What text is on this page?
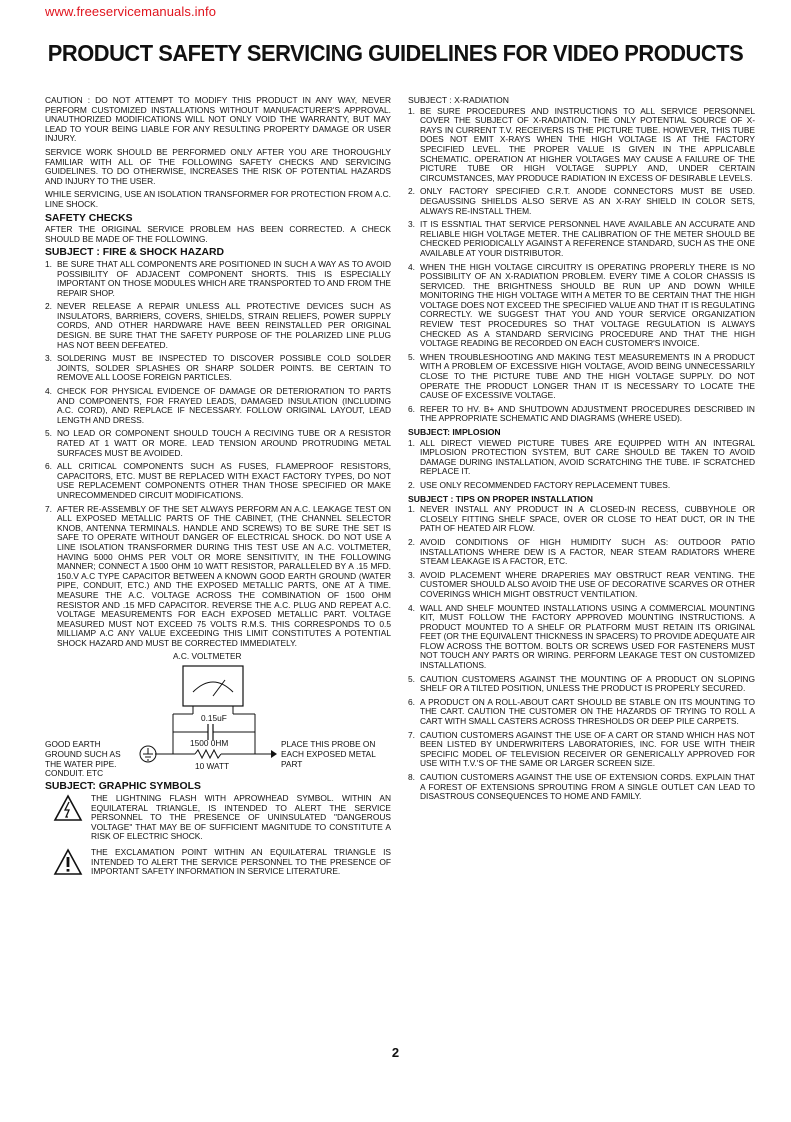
www.freeservicemanuals.info
PRODUCT SAFETY SERVICING GUIDELINES FOR VIDEO PRODUCTS

CAUTION : DO NOT ATTEMPT TO MODIFY THIS PRODUCT IN ANY WAY, NEVER PERFORM CUSTOMIZED INSTALLATIONS WITHOUT MANUFACTURER'S APPROVAL. UNAUTHORIZED MODIFICATIONS WILL NOT ONLY VOID THE WARRANTY, BUT MAY LEAD TO YOUR BEING LIABLE FOR ANY RESULTING PROPERTY DAMAGE OR USER INJURY.

SERVICE WORK SHOULD BE PERFORMED ONLY AFTER YOU ARE THOROUGHLY FAMILIAR WITH ALL OF THE FOLLOWING SAFETY CHECKS AND SERVICING GUIDELINES. TO DO OTHERWISE, INCREASES THE RISK OF POTENTIAL HAZARDS AND INJURY TO THE USER.

WHILE SERVICING, USE AN ISOLATION TRANSFORMER FOR PROTECTION FROM A.C. LINE SHOCK.

SAFETY CHECKS

AFTER THE ORIGINAL SERVICE PROBLEM HAS BEEN CORRECTED. A CHECK SHOULD BE MADE OF THE FOLLOWING.

SUBJECT : FIRE & SHOCK HAZARD
1. BE SURE THAT ALL COMPONENTS ARE POSITIONED IN SUCH A WAY AS TO AVOID POSSIBILITY OF ADJACENT COMPONENT SHORTS. THIS IS ESPECIALLY IMPORTANT ON THOSE MODULES WHICH ARE TRANSPORTED TO AND FROM THE REPAIR SHOP.
2. NEVER RELEASE A REPAIR UNLESS ALL PROTECTIVE DEVICES SUCH AS INSULATORS, BARRIERS, COVERS, SHIELDS, STRAIN RELIEFS, POWER SUPPLY CORDS, AND OTHER HARDWARE HAVE BEEN REINSTALLED PER ORIGINAL DESIGN. BE SURE THAT THE SAFETY PURPOSE OF THE POLARIZED LINE PLUG HAS NOT BEEN DEFEATED.
3. SOLDERING MUST BE INSPECTED TO DISCOVER POSSIBLE COLD SOLDER JOINTS, SOLDER SPLASHES OR SHARP SOLDER POINTS. BE CERTAIN TO REMOVE ALL LOOSE FOREIGN PARTICLES.
4. CHECK FOR PHYSICAL EVIDENCE OF DAMAGE OR DETERIORATION TO PARTS AND COMPONENTS, FOR FRAYED LEADS, DAMAGED INSULATION (INCLUDING A.C. CORD), AND REPLACE IF NECESSARY. FOLLOW ORIGINAL LAYOUT, LEAD LENGTH AND DRESS.
5. NO LEAD OR COMPONENT SHOULD TOUCH A RECIVING TUBE OR A RESISTOR RATED AT 1 WATT OR MORE. LEAD TENSION AROUND PROTRUDING METAL SURFACES MUST BE AVOIDED.
6. ALL CRITICAL COMPONENTS SUCH AS FUSES, FLAMEPROOF RESISTORS, CAPACITORS, ETC. MUST BE REPLACED WITH EXACT FACTORY TYPES, DO NOT USE REPLACEMENT COMPONENTS OTHER THAN THOSE SPECIFIED OR MAKE UNRECOMMENDED CIRCUIT MODIFICATIONS.
7. AFTER RE-ASSEMBLY OF THE SET ALWAYS PERFORM AN A.C. LEAKAGE TEST ON ALL EXPOSED METALLIC PARTS OF THE CABINET, (THE CHANNEL SELECTOR KNOB, ANTENNA TERMINALS. HANDLE AND SCREWS) TO BE SURE THE SET IS SAFE TO OPERATE WITHOUT DANGER OF ELECTRICAL SHOCK. DO NOT USE A LINE ISOLATION TRANSFORMER DURING THIS TEST USE AN A.C. VOLTMETER, HAVING 5000 OHMS PER VOLT OR MORE SENSITIVITY, IN THE FOLLOWING MANNER; CONNECT A 1500 OHM 10 WATT RESISTOR, PARALLELED BY A .15 MFD. 150.V A.C TYPE CAPACITOR BETWEEN A KNOWN GOOD EARTH GROUND (WATER PIPE, CONDUIT, ETC.) AND THE EXPOSED METALLIC PARTS, ONE AT A TIME. MEASURE THE A.C. VOLTAGE ACROSS THE COMBINATION OF 1500 OHM RESISTOR AND .15 MFD CAPACITOR. REVERSE THE A.C. PLUG AND REPEAT A.C. VOLTAGE MEASUREMENTS FOR EACH EXPOSED METALLIC PART. VOLTAGE MEASURED MUST NOT EXCEED 75 VOLTS R.M.S. THIS CORRESPONDS TO 0.5 MILLIAMP A.C ANY VALUE EXCEEDING THIS LIMIT CONSTITUTES A POTENTIAL SHOCK HAZARD AND MUST BE CORRECTED IMMEDIATELY.
A.C. VOLTMETER
0.15uF
1500 0HM
10 WATT
GOOD EARTH GROUND SUCH AS THE WATER PIPE. CONDUIT. ETC
PLACE THIS PROBE ON EACH EXPOSED METAL PART
SUBJECT: GRAPHIC SYMBOLS
THE LIGHTNING FLASH WITH APROWHEAD SYMBOL. WITHIN AN EQUILATERAL TRIANGLE, IS INTENDED TO ALERT THE SERVICE PERSONNEL TO THE PRESENCE OF UNINSULATED "DANGEROUS VOLTAGE" THAT MAY BE OF SUFFICIENT MAGNITUDE TO CONSTITUTE A RISK OF ELECTRIC SHOCK.
THE EXCLAMATION POINT WITHIN AN EQUILATERAL TRIANGLE IS INTENDED TO ALERT THE SERVICE PERSONNEL TO THE PRESENCE OF IMPORTANT SAFETY INFORMATION IN SERVICE LITERATURE.
SUBJECT : X-RADIATION
1. BE SURE PROCEDURES AND INSTRUCTIONS TO ALL SERVICE PERSONNEL COVER THE SUBJECT OF X-RADIATION. THE ONLY POTENTIAL SOURCE OF X-RAYS IN CURRENT T.V. RECEIVERS IS THE PICTURE TUBE. HOWEVER, THIS TUBE DOES NOT EMIT X-RAYS WHEN THE HIGH VOLTAGE IS AT THE FACTORY SPECIFIED LEVEL. THE PROPER VALUE IS GIVEN IN THE APPLICABLE SCHEMATIC. OPERATION AT HIGHER VOLTAGES MAY CAUSE A FAILURE OF THE PICTURE TUBE OR HIGH VOLTAGE SUPPLY AND, UNDER CERTAIN CIRCUMSTANCES, MAY PRODUCE RADIATION IN EXCESS OF DESIRABLE LEVELS.
2. ONLY FACTORY SPECIFIED C.R.T. ANODE CONNECTORS MUST BE USED. DEGAUSSING SHIELDS ALSO SERVE AS AN X-RAY SHIELD IN COLOR SETS, ALWAYS RE-INSTALL THEM.
3. IT IS ESSNTIAL THAT SERVICE PERSONNEL HAVE AVAILABLE AN ACCURATE AND RELIABLE HIGH VOLTAGE METER. THE CALIBRATION OF THE METER SHOULD BE CHECKED PERIODICALLY AGAINST A REFERENCE STANDARD, SUCH AS THE ONE AVAILABLE AT YOUR DISTRIBUTOR.
4. WHEN THE HIGH VOLTAGE CIRCUITRY IS OPERATING PROPERLY THERE IS NO POSSIBILITY OF AN X-RADIATION PROBLEM. EVERY TIME A COLOR CHASSIS IS SERVICED. THE BRIGHTNESS SHOULD BE RUN UP AND DOWN WHILE MONITORING THE HIGH VOLTAGE WITH A METER TO BE CERTAIN THAT THE HIGH VOLTAGE DOES NOT EXCEED THE SPECIFIED VALUE AND THAT IT IS REGULATING CORRECTLY. WE SUGGEST THAT YOU AND YOUR SERVICE ORGANIZATION REVIEW TEST PROCEDURES SO THAT VOLTAGE REGULATION IS ALWAYS CHECKED AS A STANDARD SERVICING PROCEDURE AND THAT THE HIGH VOLTAGE READING BE RECORDED ON EACH CUSTOMER'S INVOICE.
5. WHEN TROUBLESHOOTING AND MAKING TEST MEASUREMENTS IN A PRODUCT WITH A PROBLEM OF EXCESSIVE HIGH VOLTAGE, AVOID BEING UNNECESSARILY CLOSE TO THE PICTURE TUBE AND THE HIGH VOLTAGE SUPPLY. DO NOT OPERATE THE PRODUCT LONGER THAN IT IS NECESSARY TO LOCATE THE CAUSE OF EXCESSIVE VOLTAGE.
6. REFER TO HV. B+ AND SHUTDOWN ADJUSTMENT PROCEDURES DESCRIBED IN THE APPROPRIATE SCHEMATIC AND DIAGRAMS (WHERE USED).
SUBJECT: IMPLOSION
1. ALL DIRECT VIEWED PICTURE TUBES ARE EQUIPPED WITH AN INTEGRAL IMPLOSION PROTECTION SYSTEM, BUT CARE SHOULD BE TAKEN TO AVOID DAMAGE DURING INSTALLATION, AVOID SCRATCHING THE TUBE. IF SCRATCHED REPLACE IT.
2. USE ONLY RECOMMENDED FACTORY REPLACEMENT TUBES.
SUBJECT : TIPS ON PROPER INSTALLATION
1. NEVER INSTALL ANY PRODUCT IN A CLOSED-IN RECESS, CUBBYHOLE OR CLOSELY FITTING SHELF SPACE, OVER OR CLOSE TO HEAT DUCT, OR IN THE PATH OF HEATED AIR FLOW.
2. AVOID CONDITIONS OF HIGH HUMIDITY SUCH AS: OUTDOOR PATIO INSTALLATIONS WHERE DEW IS A FACTOR, NEAR STEAM RADIATORS WHERE STEAM LEAKAGE IS A FACTOR, ETC.
3. AVOID PLACEMENT WHERE DRAPERIES MAY OBSTRUCT REAR VENTING. THE CUSTOMER SHOULD ALSO AVOID THE USE OF DECORATIVE SCARVES OR OTHER COVERINGS WHICH MIGHT OBSTRUCT VENTILATION.
4. WALL AND SHELF MOUNTED INSTALLATIONS USING A COMMERCIAL MOUNTING KIT, MUST FOLLOW THE FACTORY APPROVED MOUNTING INSTRUCTIONS. A PRODUCT MOUNTED TO A SHELF OR PLATFORM MUST RETAIN ITS ORIGINAL FEET (OR THE EQUIVALENT THICKNESS IN SPACERS) TO PROVIDE ADEQUATE AIR FLOW ACROSS THE BOTTOM. BOLTS OR SCREWS USED FOR FASTENERS MUST NOT TOUCH ANY PARTS OR WIRING. PERFORM LEAKAGE TEST ON CUSTOMIZED INSTALLATIONS.
5. CAUTION CUSTOMERS AGAINST THE MOUNTING OF A PRODUCT ON SLOPING SHELF OR A TILTED POSITION, UNLESS THE PRODUCT IS PROPERLY SECURED.
6. A PRODUCT ON A ROLL-ABOUT CART SHOULD BE STABLE ON ITS MOUNTING TO THE CART. CAUTION THE CUSTOMER ON THE HAZARDS OF TRYING TO ROLL A CART WITH SMALL CASTERS ACROSS THRESHOLDS OR DEEP PILE CARPETS.
7. CAUTION CUSTOMERS AGAINST THE USE OF A CART OR STAND WHICH HAS NOT BEEN LISTED BY UNDERWRITERS LABORATORIES, INC. FOR USE WITH THEIR SPECIFIC MODEL OF TELEVISION RECEIVER OR GENERICALLY APPROVED FOR USE WITH T.V.'S OF THE SAME OR LARGER SCREEN SIZE.
8. CAUTION CUSTOMERS AGAINST THE USE OF EXTENSION CORDS. EXPLAIN THAT A FOREST OF EXTENSIONS SPROUTING FROM A SINGLE OUTLET CAN LEAD TO DISASTROUS CONSEQUENCES TO HOME AND FAMILY.
2
